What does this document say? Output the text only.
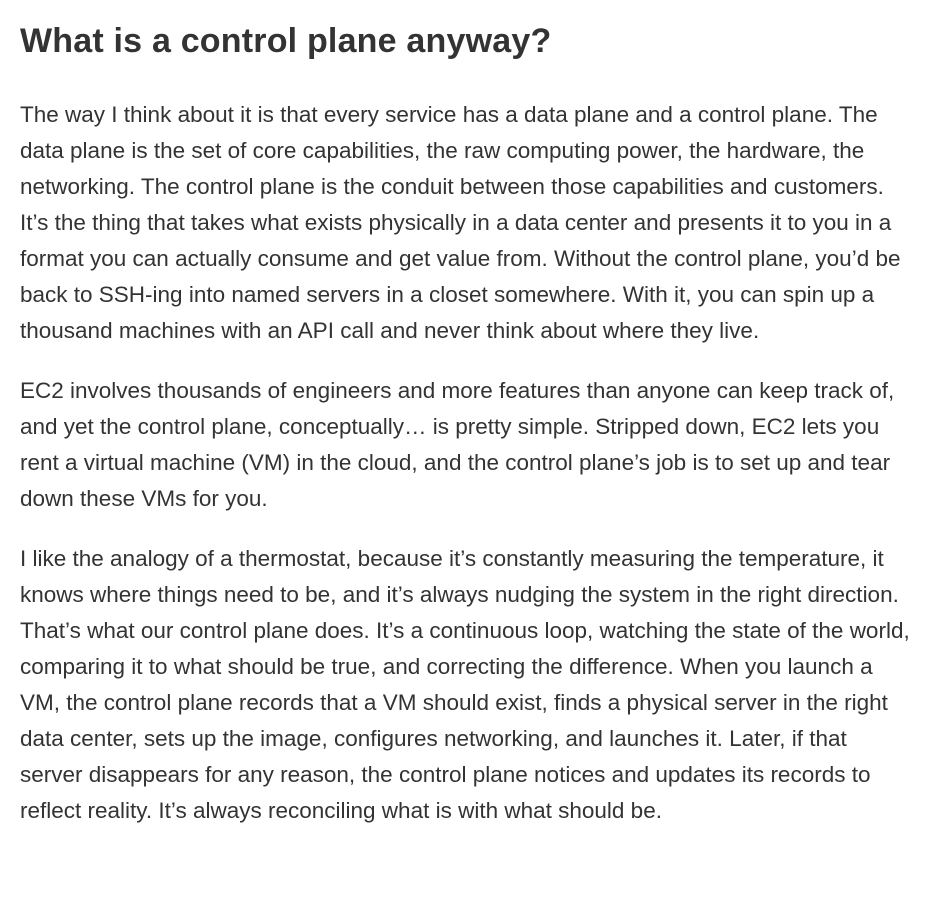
What is a control plane anyway?

The way I think about it is that every service has a data plane and a control plane. The data plane is the set of core capabilities, the raw computing power, the hardware, the networking. The control plane is the conduit between those capabilities and customers. It’s the thing that takes what exists physically in a data center and presents it to you in a format you can actually consume and get value from. Without the control plane, you’d be back to SSH-ing into named servers in a closet somewhere. With it, you can spin up a thousand machines with an API call and never think about where they live.

EC2 involves thousands of engineers and more features than anyone can keep track of, and yet the control plane, conceptually… is pretty simple. Stripped down, EC2 lets you rent a virtual machine (VM) in the cloud, and the control plane’s job is to set up and tear down these VMs for you.

I like the analogy of a thermostat, because it’s constantly measuring the temperature, it knows where things need to be, and it’s always nudging the system in the right direction. That’s what our control plane does. It’s a continuous loop, watching the state of the world, comparing it to what should be true, and correcting the difference. When you launch a VM, the control plane records that a VM should exist, finds a physical server in the right data center, sets up the image, configures networking, and launches it. Later, if that server disappears for any reason, the control plane notices and updates its records to reflect reality. It’s always reconciling what is with what should be.
